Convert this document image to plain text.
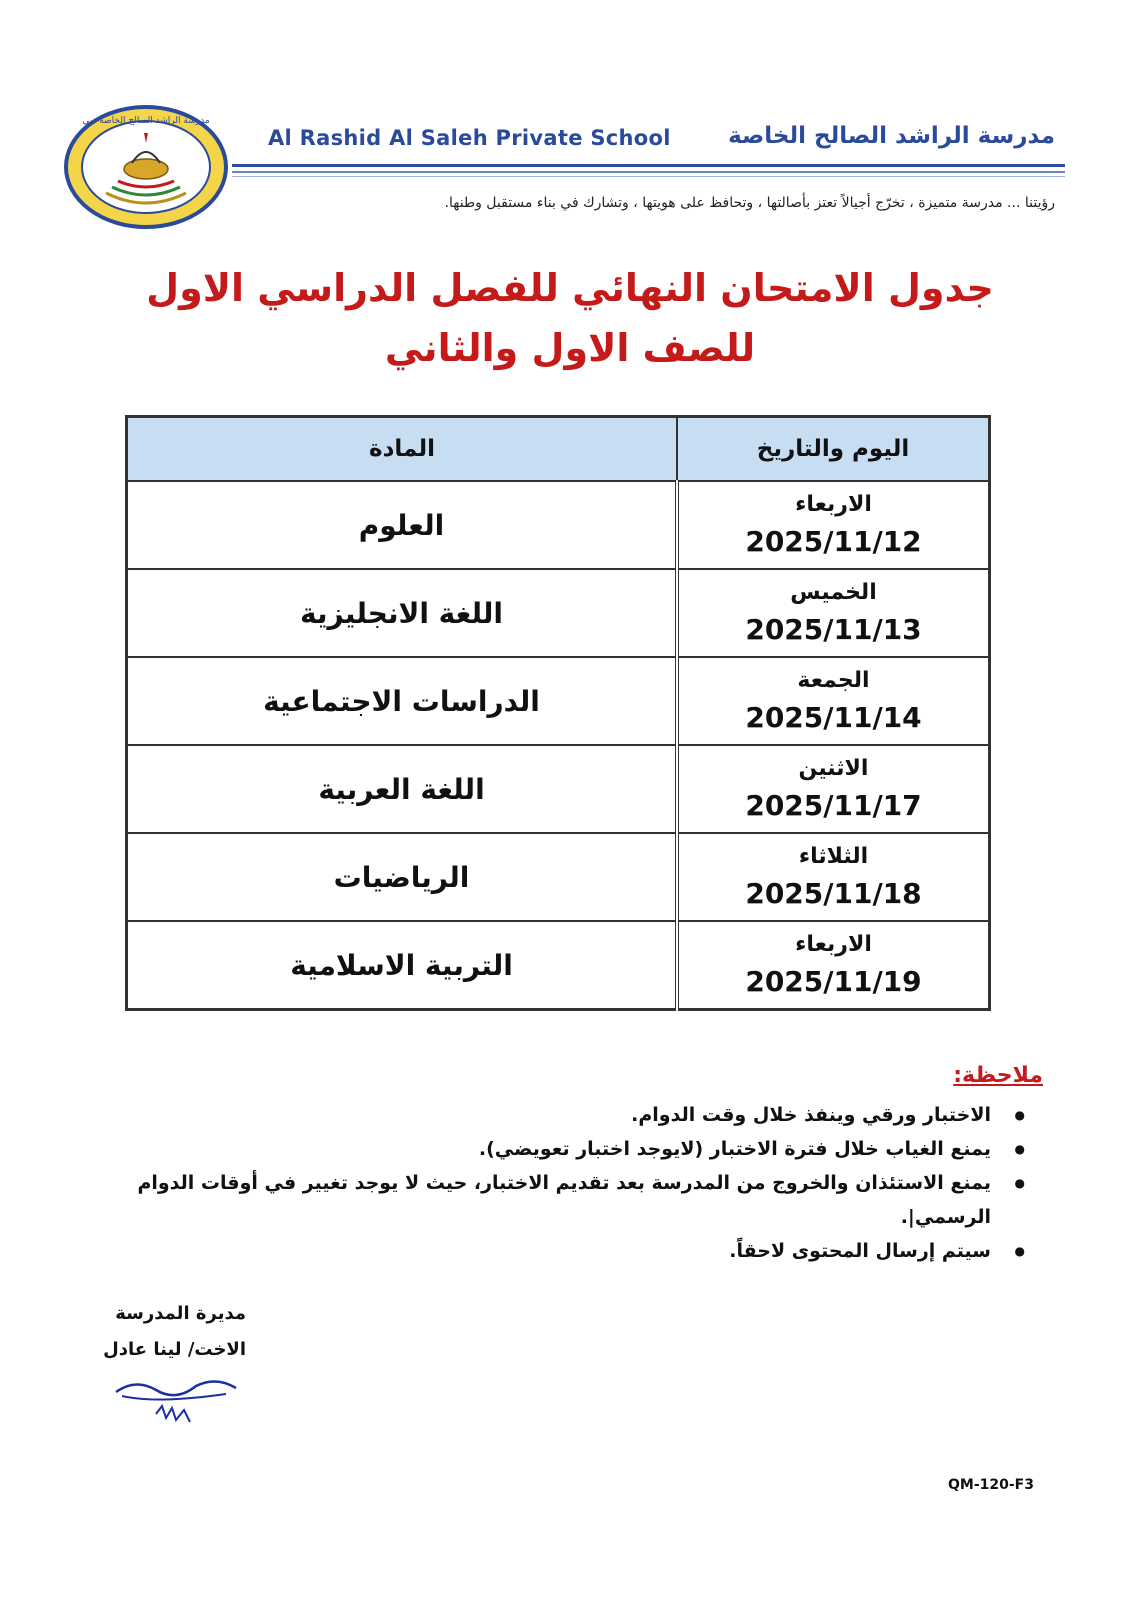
مدرسة الراشد الصالح الخاصة دبي
Al Rashid Al Saleh Private School	مدرسة الراشد الصالح الخاصة
رؤيتنا ... مدرسة متميزة ، تخرّج أجيالاً تعتز بأصالتها ، وتحافظ على هويتها ، وتشارك في بناء مستقبل وطنها.
جدول الامتحان النهائي للفصل الدراسي الاول
للصف الاول والثاني
اليوم والتاريخ	المادة

الاربعاء
2025/11/12	العلوم

الخميس
2025/11/13	اللغة الانجليزية

الجمعة
2025/11/14	الدراسات الاجتماعية

الاثنين
2025/11/17	اللغة العربية

الثلاثاء
2025/11/18	الرياضيات

الاربعاء
2025/11/19	التربية الاسلامية
ملاحظة:
● الاختبار ورقي وينفذ خلال وقت الدوام.
● يمنع الغياب خلال فترة الاختبار (لايوجد اختبار تعويضي).
● يمنع الاستئذان والخروج من المدرسة بعد تقديم الاختبار، حيث لا يوجد تغيير في أوقات الدوام الرسمي|.
● سيتم إرسال المحتوى لاحقاً.
مديرة المدرسة
الاخت/ لينا عادل
QM-120-F3
